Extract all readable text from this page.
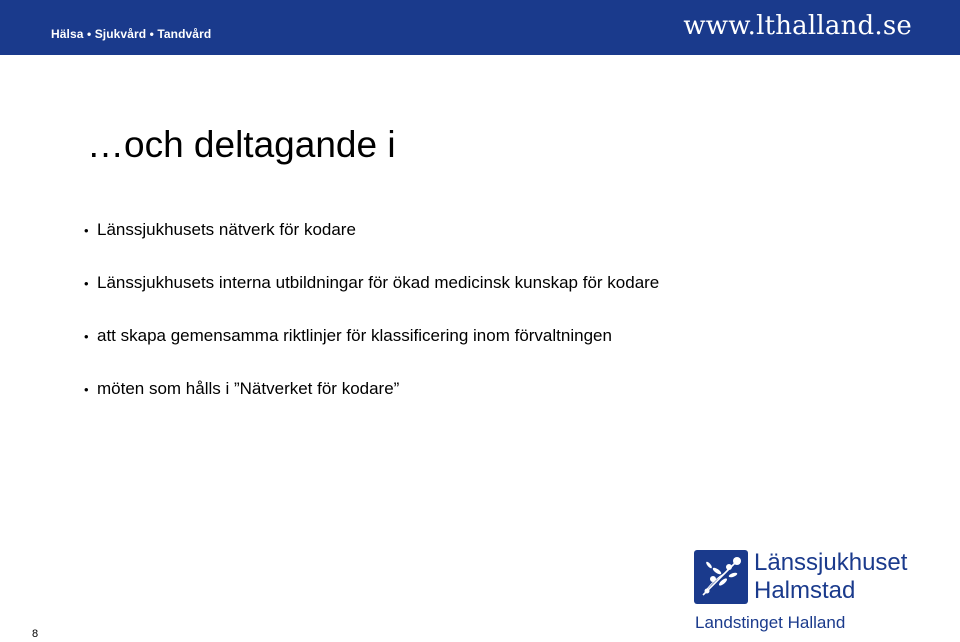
Hälsa • Sjukvård • Tandvård	www.lthalland.se
…och deltagande i
• Länssjukhusets nätverk för kodare
• Länssjukhusets interna utbildningar för ökad medicinsk kunskap för kodare
• att skapa gemensamma riktlinjer för klassificering inom förvaltningen
• möten som hålls i ”Nätverket för kodare”
Länssjukhuset
Halmstad
Landstinget Halland
8
